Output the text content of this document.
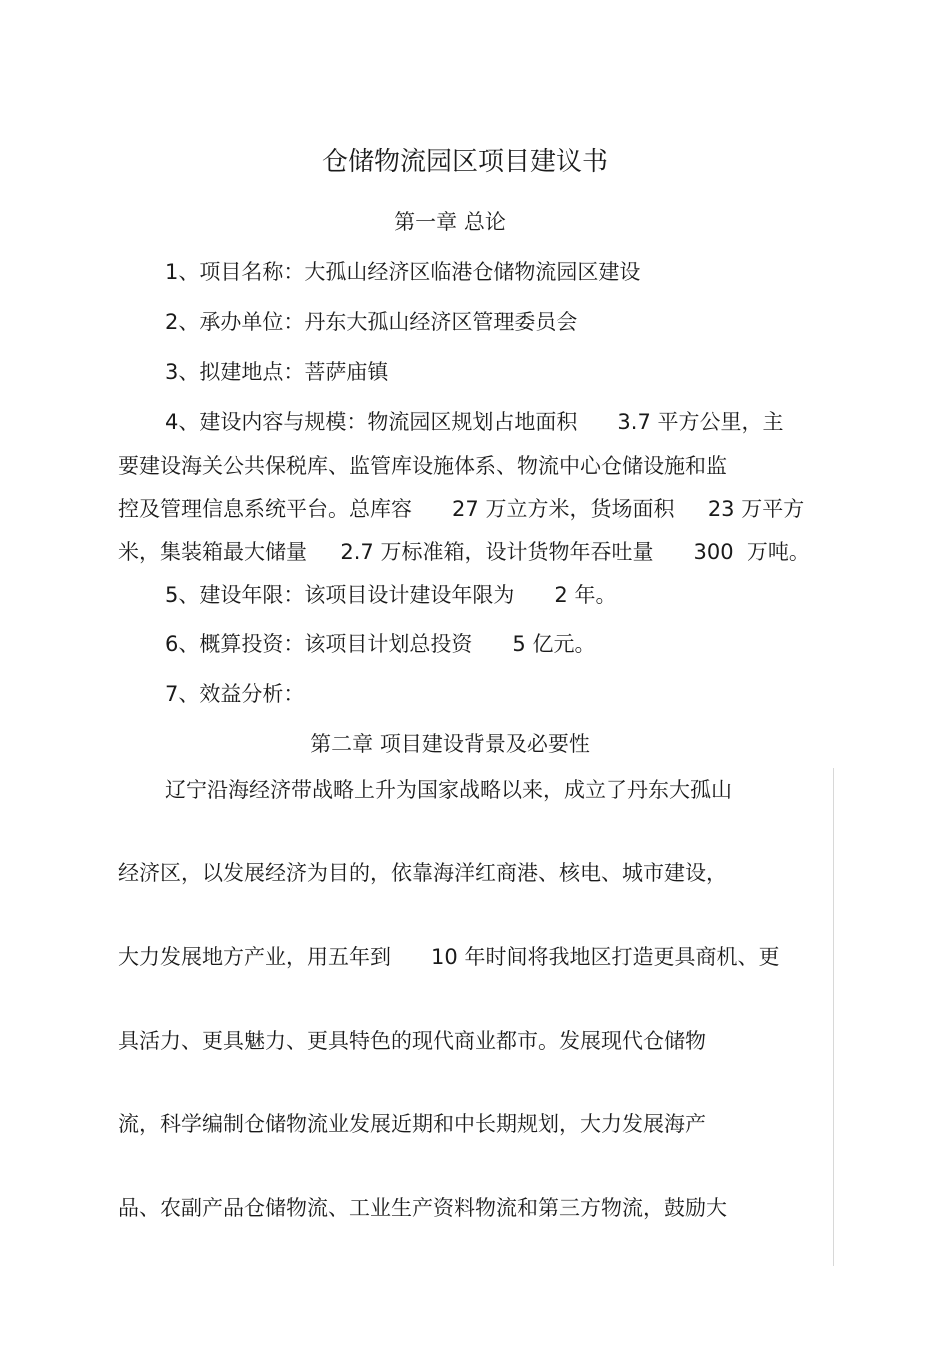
仓储物流园区项目建议书
第一章 总论

1、项目名称：大孤山经济区临港仓储物流园区建设

2、承办单位：丹东大孤山经济区管理委员会

3、拟建地点：菩萨庙镇

4、建设内容与规模：物流园区规划占地面积      3.7 平方公里，主

要建设海关公共保税库、监管库设施体系、物流中心仓储设施和监

控及管理信息系统平台。总库容      27 万立方米，货场面积     23 万平方

米，集装箱最大储量     2.7 万标准箱，设计货物年吞吐量      300  万吨。

5、建设年限：该项目设计建设年限为      2 年。

6、概算投资：该项目计划总投资      5 亿元。

7、效益分析：

第二章 项目建设背景及必要性

辽宁沿海经济带战略上升为国家战略以来，成立了丹东大孤山

经济区，以发展经济为目的，依靠海洋红商港、核电、城市建设，

大力发展地方产业，用五年到      10 年时间将我地区打造更具商机、更

具活力、更具魅力、更具特色的现代商业都市。发展现代仓储物

流，科学编制仓储物流业发展近期和中长期规划，大力发展海产

品、农副产品仓储物流、工业生产资料物流和第三方物流，鼓励大
